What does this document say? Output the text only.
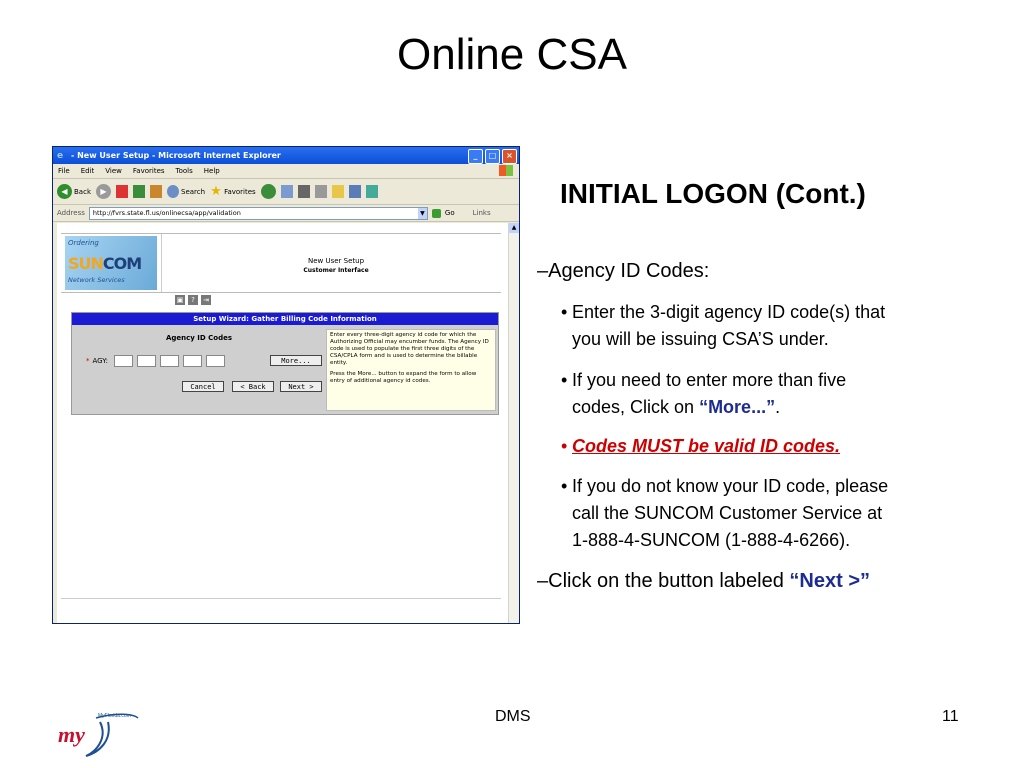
Online CSA
e - New User Setup - Microsoft Internet Explorer	_	□	×
File Edit View Favorites Tools Help
◀ Back	▶	Search ★ Favorites
Address	http://fvrs.state.fl.us/onlinecsa/app/validation	▼	Go	Links
Ordering
SUNCOM
Network Services
New User Setup
Customer Interface
▣	?	⇥
Setup Wizard: Gather Billing Code Information
Agency ID Codes
* AGY:	More...
Cancel	< Back	Next >

Enter every three-digit agency id code for which the Authorizing Official may encumber funds. The Agency ID code is used to populate the first three digits of the CSA/CPLA form and is used to determine the billable entity.

Press the More... button to expand the form to allow entry of additional agency id codes.

▲
INITIAL LOGON (Cont.)
–Agency ID Codes:
• Enter the 3-digit agency ID code(s) that
you will be issuing CSA’S under.
• If you need to enter more than five
codes, Click on “More...”.
• Codes MUST be valid ID codes.
• If you do not know your ID code, please
call the SUNCOM Customer Service at
1-888-4-SUNCOM (1-888-4-6266).
–Click on the button labeled “Next >”
my
MyFlorida.com	DMS	11
